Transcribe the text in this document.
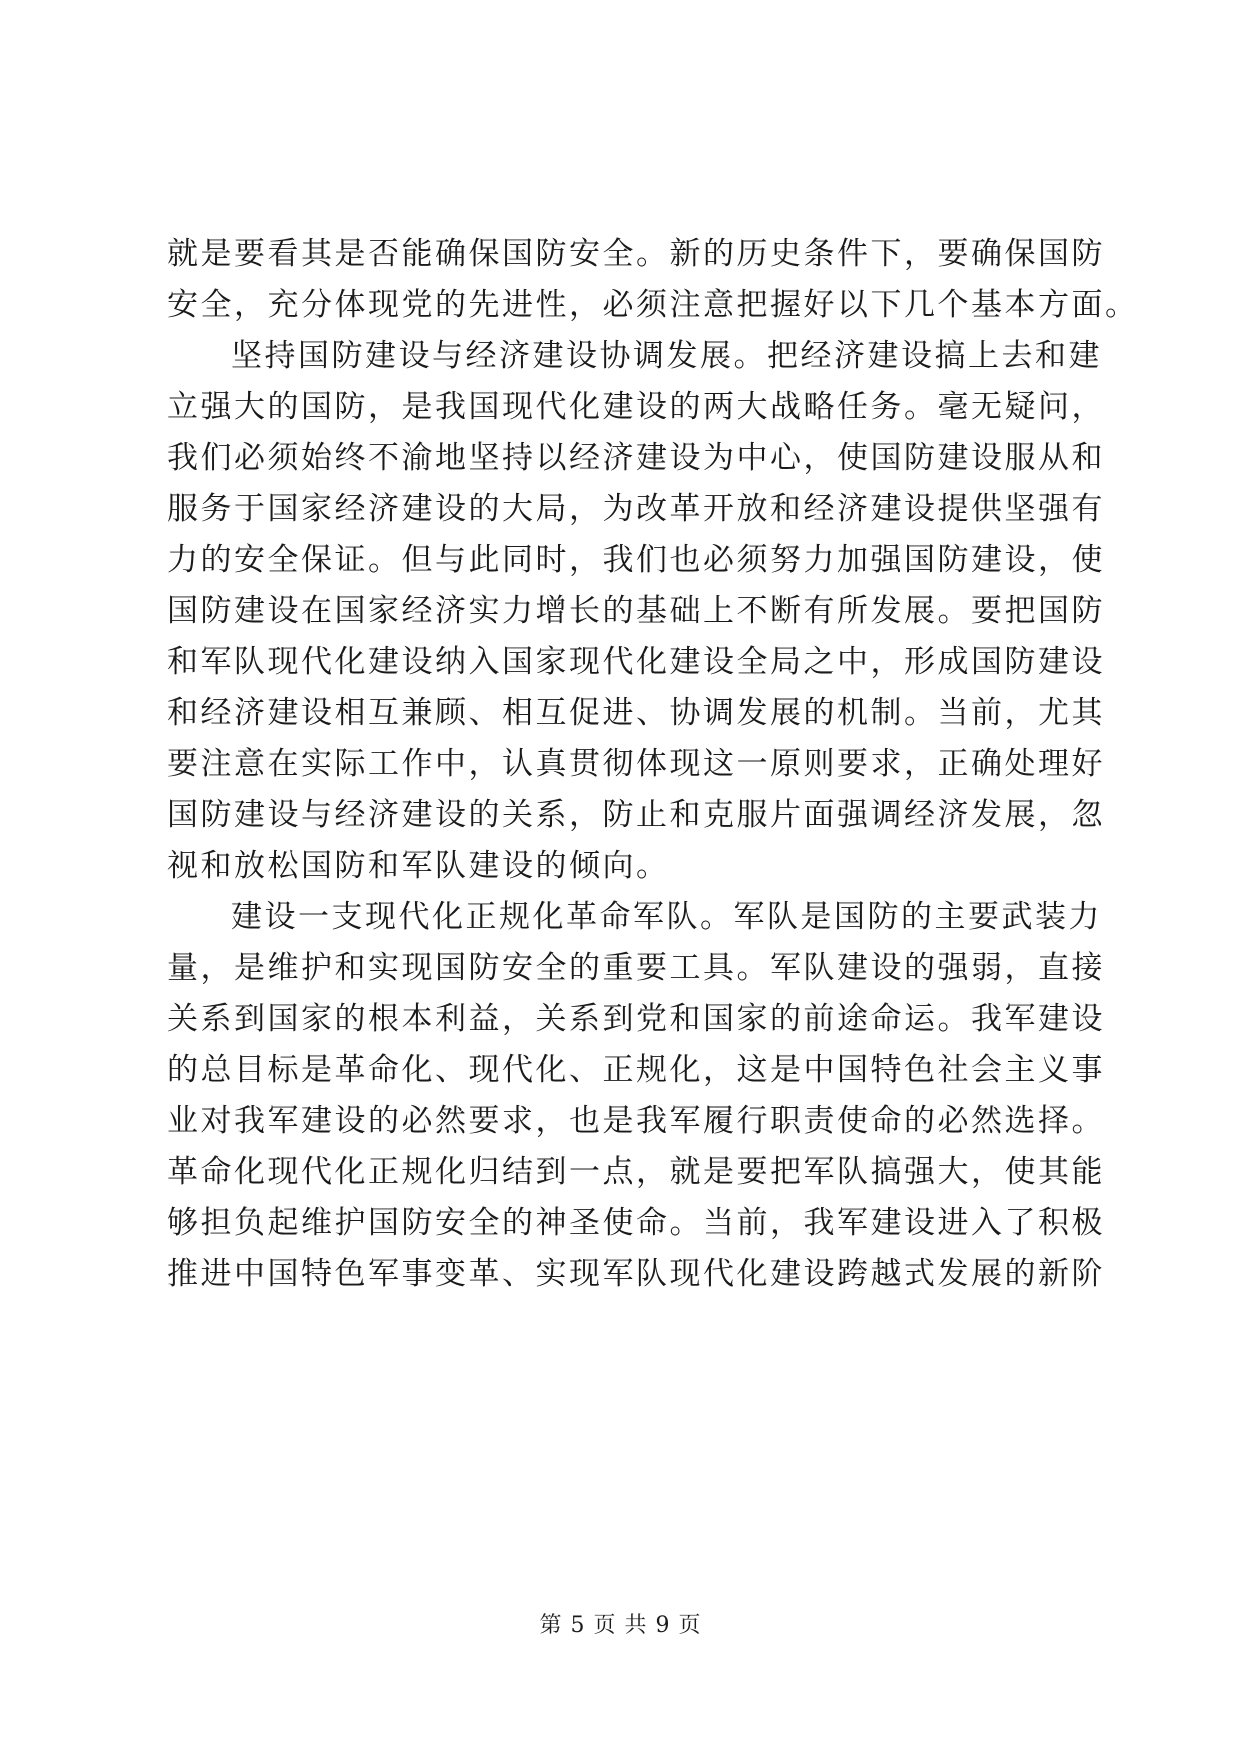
就是要看其是否能确保国防安全。新的历史条件下，要确保国防
安全，充分体现党的先进性，必须注意把握好以下几个基本方面。
坚持国防建设与经济建设协调发展。把经济建设搞上去和建
立强大的国防，是我国现代化建设的两大战略任务。毫无疑问，
我们必须始终不渝地坚持以经济建设为中心，使国防建设服从和
服务于国家经济建设的大局，为改革开放和经济建设提供坚强有
力的安全保证。但与此同时，我们也必须努力加强国防建设，使
国防建设在国家经济实力增长的基础上不断有所发展。要把国防
和军队现代化建设纳入国家现代化建设全局之中，形成国防建设
和经济建设相互兼顾、相互促进、协调发展的机制。当前，尤其
要注意在实际工作中，认真贯彻体现这一原则要求，正确处理好
国防建设与经济建设的关系，防止和克服片面强调经济发展，忽
视和放松国防和军队建设的倾向。
建设一支现代化正规化革命军队。军队是国防的主要武装力
量，是维护和实现国防安全的重要工具。军队建设的强弱，直接
关系到国家的根本利益，关系到党和国家的前途命运。我军建设
的总目标是革命化、现代化、正规化，这是中国特色社会主义事
业对我军建设的必然要求，也是我军履行职责使命的必然选择。
革命化现代化正规化归结到一点，就是要把军队搞强大，使其能
够担负起维护国防安全的神圣使命。当前，我军建设进入了积极
推进中国特色军事变革、实现军队现代化建设跨越式发展的新阶
第 5 页 共 9 页
